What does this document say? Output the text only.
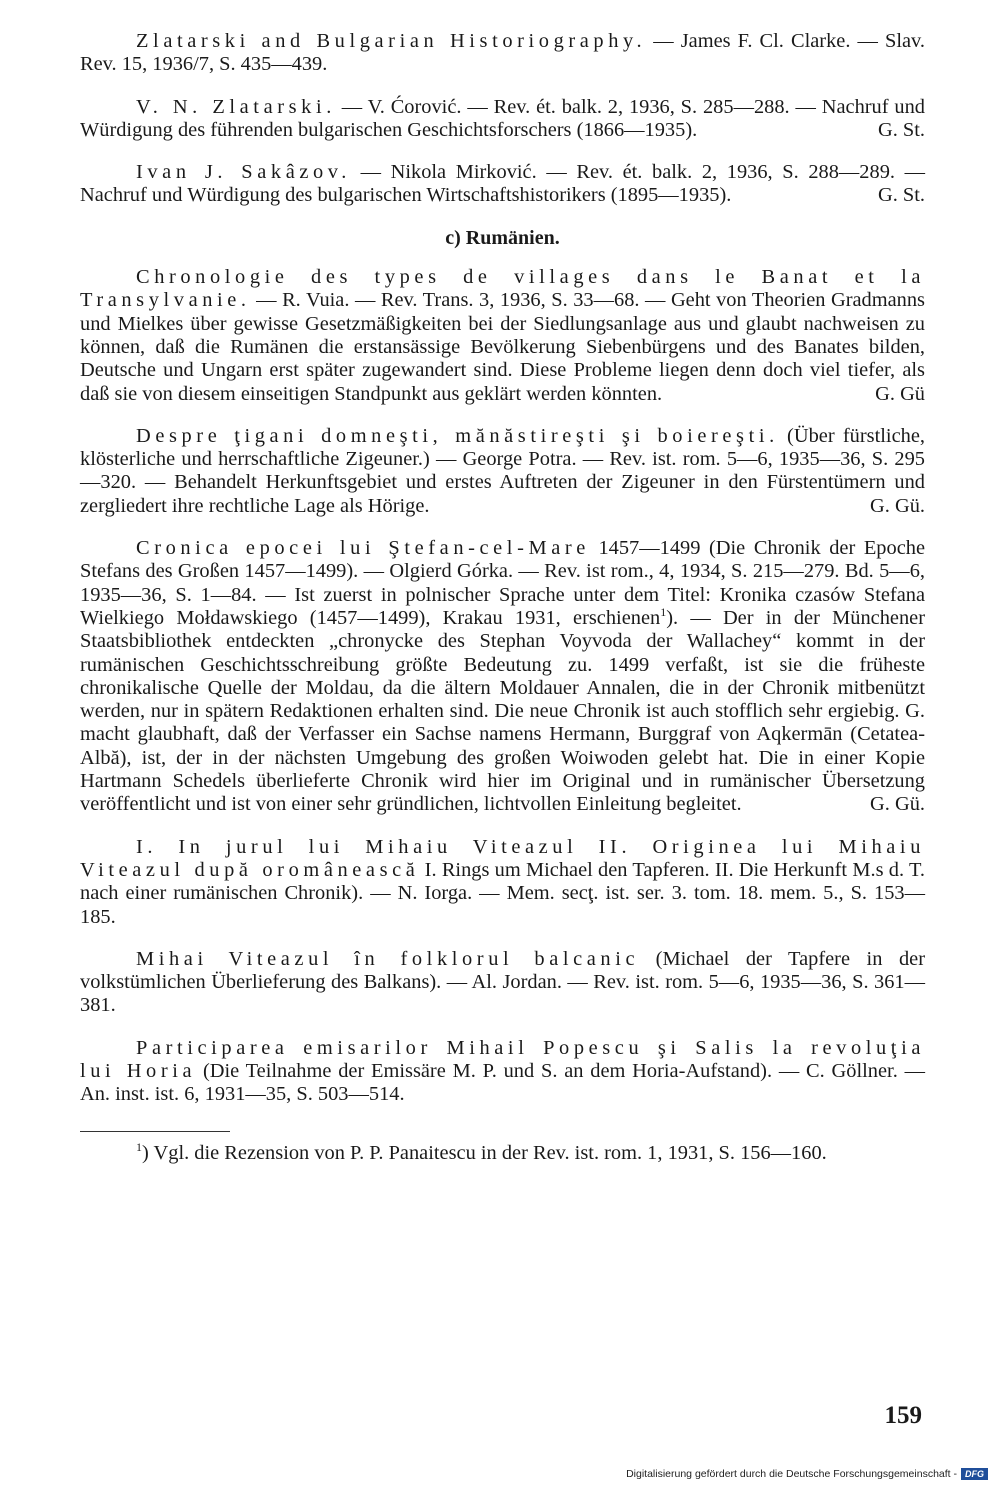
Zlatarski and Bulgarian Historiography. — James F. Cl. Clarke. — Slav. Rev. 15, 1936/7, S. 435—439.

V. N. Zlatarski. — V. Ćorović. — Rev. ét. balk. 2, 1936, S. 285—288. — Nachruf und Würdigung des führenden bulgarischen Geschichtsforschers (1866—1935).	G. St.

Ivan J. Sakâzov. — Nikola Mirković. — Rev. ét. balk. 2, 1936, S. 288—289. — Nachruf und Würdigung des bulgarischen Wirtschaftshistorikers (1895—1935).	G. St.

c) Rumänien.

Chronologie des types de villages dans le Banat et la Transylvanie. — R. Vuia. — Rev. Trans. 3, 1936, S. 33—68. — Geht von Theorien Gradmanns und Mielkes über gewisse Gesetzmäßigkeiten bei der Siedlungsanlage aus und glaubt nachweisen zu können, daß die Rumänen die erstansässige Bevölkerung Siebenbürgens und des Banates bilden, Deutsche und Ungarn erst später zugewandert sind. Diese Probleme liegen denn doch viel tiefer, als daß sie von diesem einseitigen Standpunkt aus geklärt werden könnten.	G. Gü

Despre ţigani domneşti, mănăstireşti şi boiereşti. (Über fürstliche, klösterliche und herrschaftliche Zigeuner.) — George Potra. — Rev. ist. rom. 5—6, 1935—36, S. 295—320. — Behandelt Herkunftsgebiet und erstes Auftreten der Zigeuner in den Fürstentümern und zergliedert ihre rechtliche Lage als Hörige.	G. Gü.

Cronica epocei lui Ştefan-cel-Mare 1457—1499 (Die Chronik der Epoche Stefans des Großen 1457—1499). — Olgierd Górka. — Rev. ist rom., 4, 1934, S. 215—279. Bd. 5—6, 1935—36, S. 1—84. — Ist zuerst in polnischer Sprache unter dem Titel: Kronika czasów Stefana Wielkiego Mołdawskiego (1457—1499), Krakau 1931, erschienen$^1$). — Der in der Münchener Staatsbibliothek entdeckten „chronycke des Stephan Voyvoda der Wallachey“ kommt in der rumänischen Geschichtsschreibung größte Bedeutung zu. 1499 verfaßt, ist sie die früheste chronikalische Quelle der Moldau, da die ältern Moldauer Annalen, die in der Chronik mitbenützt werden, nur in spätern Redaktionen erhalten sind. Die neue Chronik ist auch stofflich sehr ergiebig. G. macht glaubhaft, daß der Verfasser ein Sachse namens Hermann, Burggraf von Aqkermān (Cetatea-Albă), ist, der in der nächsten Umgebung des großen Woiwoden gelebt hat. Die in einer Kopie Hartmann Schedels überlieferte Chronik wird hier im Original und in rumänischer Übersetzung veröffentlicht und ist von einer sehr gründlichen, lichtvollen Einleitung begleitet.	G. Gü.

I. In jurul lui Mihaiu Viteazul II. Originea lui Mihaiu Viteazul după oromânească I. Rings um Michael den Tapferen. II. Die Herkunft M.s d. T. nach einer rumänischen Chronik). — N. Iorga. — Mem. secţ. ist. ser. 3. tom. 18. mem. 5., S. 153—185.

Mihai Viteazul în folklorul balcanic (Michael der Tapfere in der volkstümlichen Überlieferung des Balkans). — Al. Jordan. — Rev. ist. rom. 5—6, 1935—36, S. 361—381.

Participarea emisarilor Mihail Popescu şi Salis la revoluţia lui Horia (Die Teilnahme der Emissäre M. P. und S. an dem Horia-Aufstand). — C. Göllner. — An. inst. ist. 6, 1931—35, S. 503—514.

$^1$) Vgl. die Rezension von P. P. Panaitescu in der Rev. ist. rom. 1, 1931, S. 156—160.

159
Digitalisierung gefördert durch die Deutsche Forschungsgemeinschaft - DFG
